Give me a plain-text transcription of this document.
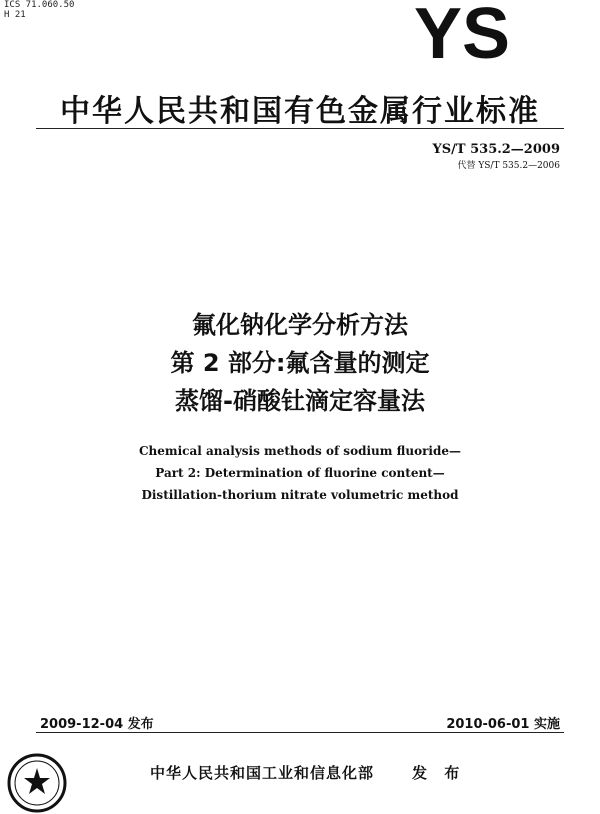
ICS 71.060.50
H 21	YS
中华人民共和国有色金属行业标准
YS/T 535.2—2009
代替 YS/T 535.2—2006
氟化钠化学分析方法
第 2 部分:氟含量的测定
蒸馏-硝酸钍滴定容量法
Chemical analysis methods of sodium fluoride—
Part 2: Determination of fluorine content—
Distillation-thorium nitrate volumetric method
2009-12-04 发布	2010-06-01 实施
中华人民共和国工业和信息化部	发 布
